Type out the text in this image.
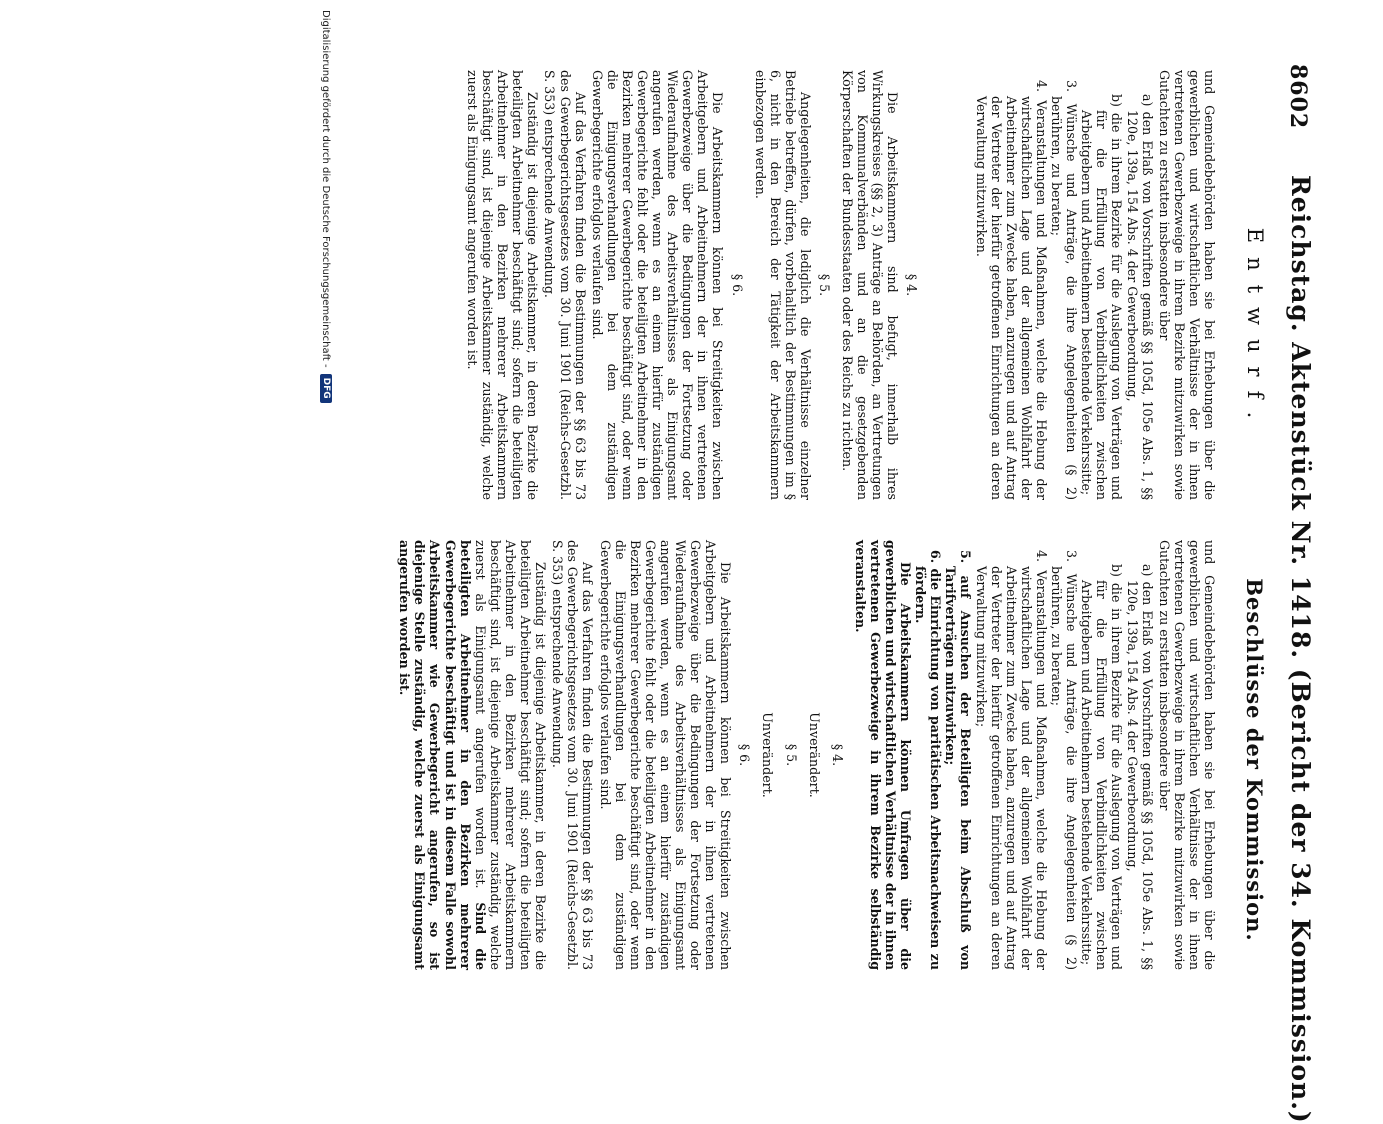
8602
Reichstag. Aktenstück Nr. 1418. (Bericht der 34. Kommission.)
Entwurf.
Beschlüsse der Kommission.

und Gemeindebehörden haben sie bei Erhebungen über die gewerblichen und wirtschaftlichen Verhältnisse der in ihnen vertretenen Gewerbezweige in ihrem Bezirke mitzuwirken sowie Gutachten zu erstatten insbesondere über

a) den Erlaß von Vorschriften gemäß §§ 105d, 105e Abs. 1, §§ 120e, 139a, 154 Abs. 4 der Gewerbeordnung,

b) die in ihrem Bezirke für die Auslegung von Verträgen und für die Erfüllung von Verbindlichkeiten zwischen Arbeitgebern und Arbeitnehmern bestehende Verkehrssitte;

3. Wünsche und Anträge, die ihre Angelegenheiten (§ 2) berühren, zu beraten;

4. Veranstaltungen und Maßnahmen, welche die Hebung der wirtschaftlichen Lage und der allgemeinen Wohlfahrt der Arbeitnehmer zum Zwecke haben, anzuregen und auf Antrag der Vertreter der hierfür getroffenen Einrichtungen an deren Verwaltung mitzuwirken.

§ 4.

Die Arbeitskammern sind befugt, innerhalb ihres Wirkungskreises (§§ 2, 3) Anträge an Behörden, an Vertretungen von Kommunalverbänden und an die gesetzgebenden Körperschaften der Bundesstaaten oder des Reichs zu richten.

§ 5.

Angelegenheiten, die lediglich die Verhältnisse einzelner Betriebe betreffen, dürfen, vorbehaltlich der Bestimmungen im § 6, nicht in den Bereich der Tätigkeit der Arbeitskammern einbezogen werden.

§ 6.

Die Arbeitskammern können bei Streitigkeiten zwischen Arbeitgebern und Arbeitnehmern der in ihnen vertretenen Gewerbezweige über die Bedingungen der Fortsetzung oder Wiederaufnahme des Arbeitsverhältnisses als Einigungsamt angerufen werden, wenn es an einem hierfür zuständigen Gewerbegerichte fehlt oder die beteiligten Arbeitnehmer in den Bezirken mehrerer Gewerbegerichte beschäftigt sind, oder wenn die Einigungsverhandlungen bei dem zuständigen Gewerbegerichte erfolglos verlaufen sind.

Auf das Verfahren finden die Bestimmungen der §§ 63 bis 73 des Gewerbegerichtsgesetzes vom 30. Juni 1901 (Reichs-Gesetzbl. S. 353) entsprechende Anwendung.

Zuständig ist diejenige Arbeitskammer, in deren Bezirke die beteiligten Arbeitnehmer beschäftigt sind; sofern die beteiligten Arbeitnehmer in den Bezirken mehrerer Arbeitskammern beschäftigt sind, ist diejenige Arbeitskammer zuständig, welche zuerst als Einigungsamt angerufen worden ist.

und Gemeindebehörden haben sie bei Erhebungen über die gewerblichen und wirtschaftlichen Verhältnisse der in ihnen vertretenen Gewerbezweige in ihrem Bezirke mitzuwirken sowie Gutachten zu erstatten insbesondere über

a) den Erlaß von Vorschriften gemäß §§ 105d, 105e Abs. 1, §§ 120e, 139a, 154 Abs. 4 der Gewerbeordnung,

b) die in ihrem Bezirke für die Auslegung von Verträgen und für die Erfüllung von Verbindlichkeiten zwischen Arbeitgebern und Arbeitnehmern bestehende Verkehrssitte;

3. Wünsche und Anträge, die ihre Angelegenheiten (§ 2) berühren, zu beraten;

4. Veranstaltungen und Maßnahmen, welche die Hebung der wirtschaftlichen Lage und der allgemeinen Wohlfahrt der Arbeitnehmer zum Zwecke haben, anzuregen und auf Antrag der Vertreter der hierfür getroffenen Einrichtungen an deren Verwaltung mitzuwirken;

5. auf Ansuchen der Beteiligten beim Abschluß von Tarifverträgen mitzuwirken;

6. die Einrichtung von paritätischen Arbeitsnachweisen zu fördern.

Die Arbeitskammern können Umfragen über die gewerblichen und wirtschaftlichen Verhältnisse der in ihnen vertretenen Gewerbezweige in ihrem Bezirke selbständig veranstalten.

§ 4.

Unverändert.

§ 5.

Unverändert.

§ 6.

Die Arbeitskammern können bei Streitigkeiten zwischen Arbeitgebern und Arbeitnehmern der in ihnen vertretenen Gewerbezweige über die Bedingungen der Fortsetzung oder Wiederaufnahme des Arbeitsverhältnisses als Einigungsamt angerufen werden, wenn es an einem hierfür zuständigen Gewerbegerichte fehlt oder die beteiligten Arbeitnehmer in den Bezirken mehrerer Gewerbegerichte beschäftigt sind, oder wenn die Einigungsverhandlungen bei dem zuständigen Gewerbegerichte erfolglos verlaufen sind.

Auf das Verfahren finden die Bestimmungen der §§ 63 bis 73 des Gewerbegerichtsgesetzes vom 30. Juni 1901 (Reichs-Gesetzbl. S. 353) entsprechende Anwendung.

Zuständig ist diejenige Arbeitskammer, in deren Bezirke die beteiligten Arbeitnehmer beschäftigt sind; sofern die beteiligten Arbeitnehmer in den Bezirken mehrerer Arbeitskammern beschäftigt sind, ist diejenige Arbeitskammer zuständig, welche zuerst als Einigungsamt angerufen worden ist. Sind die beteiligten Arbeitnehmer in den Bezirken mehrerer Gewerbegerichte beschäftigt und ist in diesem Falle sowohl Arbeitskammer wie Gewerbegericht angerufen, so ist diejenige Stelle zuständig, welche zuerst als Einigungsamt angerufen worden ist.

Digitalisierung gefördert durch die Deutsche Forschungsgemeinschaft -
DFG
